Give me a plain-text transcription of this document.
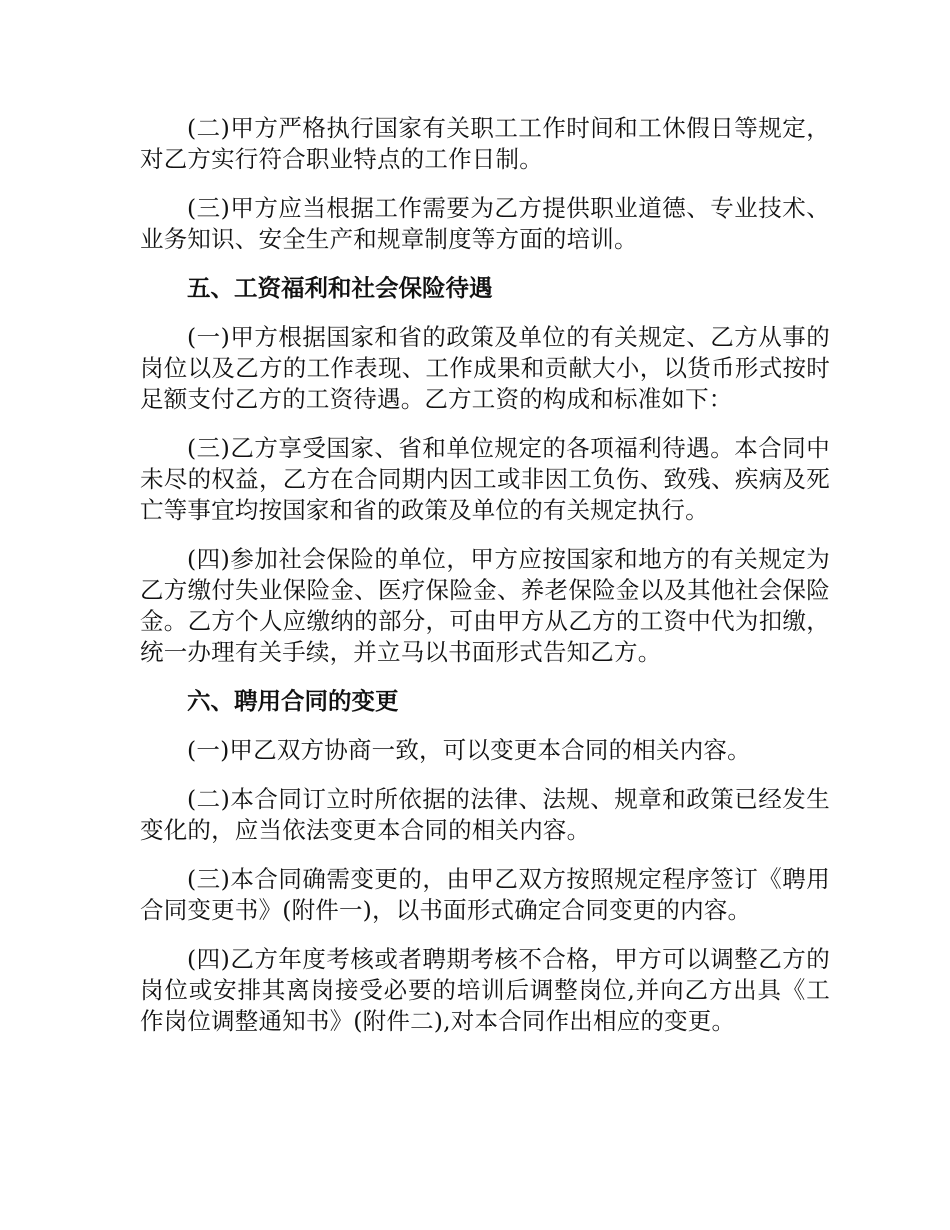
(二)甲方严格执行国家有关职工工作时间和工休假日等规定，对乙方实行符合职业特点的工作日制。

(三)甲方应当根据工作需要为乙方提供职业道德、专业技术、业务知识、安全生产和规章制度等方面的培训。

五、工资福利和社会保险待遇

(一)甲方根据国家和省的政策及单位的有关规定、乙方从事的岗位以及乙方的工作表现、工作成果和贡献大小，以货币形式按时足额支付乙方的工资待遇。乙方工资的构成和标准如下：

(三)乙方享受国家、省和单位规定的各项福利待遇。本合同中未尽的权益，乙方在合同期内因工或非因工负伤、致残、疾病及死亡等事宜均按国家和省的政策及单位的有关规定执行。

(四)参加社会保险的单位，甲方应按国家和地方的有关规定为乙方缴付失业保险金、医疗保险金、养老保险金以及其他社会保险金。乙方个人应缴纳的部分，可由甲方从乙方的工资中代为扣缴，统一办理有关手续，并立马以书面形式告知乙方。

六、聘用合同的变更

(一)甲乙双方协商一致，可以变更本合同的相关内容。

(二)本合同订立时所依据的法律、法规、规章和政策已经发生变化的，应当依法变更本合同的相关内容。

(三)本合同确需变更的，由甲乙双方按照规定程序签订《聘用合同变更书》(附件一)，以书面形式确定合同变更的内容。

(四)乙方年度考核或者聘期考核不合格，甲方可以调整乙方的岗位或安排其离岗接受必要的培训后调整岗位,并向乙方出具《工作岗位调整通知书》(附件二),对本合同作出相应的变更。
